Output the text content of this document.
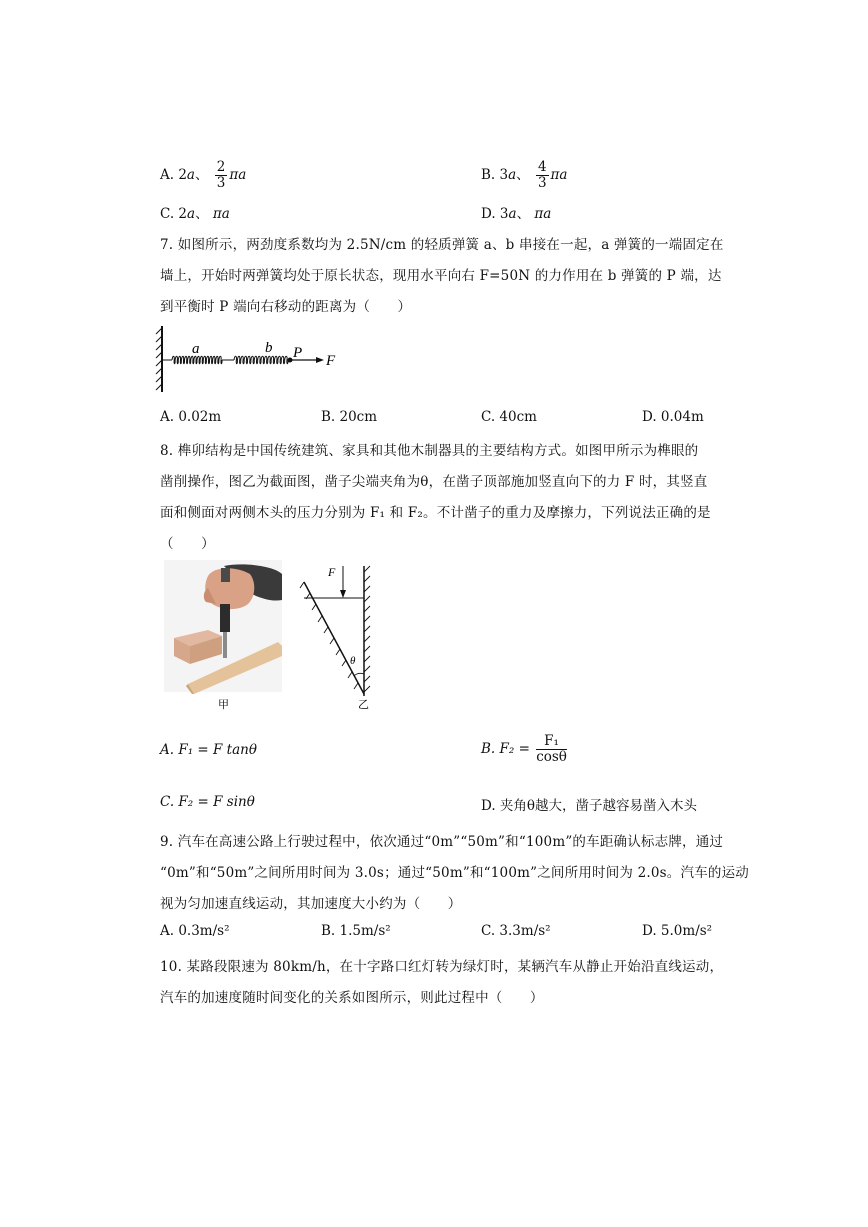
A. 2a、 $\frac{2}{3}$ πa	B. 3a、 $\frac{4}{3}$ πa
C. 2a、 πa	D. 3a、 πa
7. 如图所示，两劲度系数均为 2.5N/cm 的轻质弹簧 a、b 串接在一起，a 弹簧的一端固定在
墙上，开始时两弹簧均处于原长状态，现用水平向右 F=50N 的力作用在 b 弹簧的 P 端，达
到平衡时 P 端向右移动的距离为（　　）
a	b P F
A. 0.02m	B. 20cm	C. 40cm	D. 0.04m
8. 榫卯结构是中国传统建筑、家具和其他木制器具的主要结构方式。如图甲所示为榫眼的
凿削操作，图乙为截面图，凿子尖端夹角为θ，在凿子顶部施加竖直向下的力 F 时，其竖直
面和侧面对两侧木头的压力分别为 F₁ 和 F₂。不计凿子的重力及摩擦力，下列说法正确的是
（　　）
甲
F
θ
乙
A. F₁ = F tanθ	B. $F_2 = \frac{\text{F₁}}{\cos\theta}$
C. F₂ = F sinθ	D. 夹角θ越大，凿子越容易凿入木头
9. 汽车在高速公路上行驶过程中，依次通过“0m”“50m”和“100m”的车距确认标志牌，通过
“0m”和“50m”之间所用时间为 3.0s；通过“50m”和“100m”之间所用时间为 2.0s。汽车的运动
视为匀加速直线运动，其加速度大小约为（　　）
A. 0.3m/s²	B. 1.5m/s²	C. 3.3m/s²	D. 5.0m/s²
10. 某路段限速为 80km/h，在十字路口红灯转为绿灯时，某辆汽车从静止开始沿直线运动，
汽车的加速度随时间变化的关系如图所示，则此过程中（　　）
